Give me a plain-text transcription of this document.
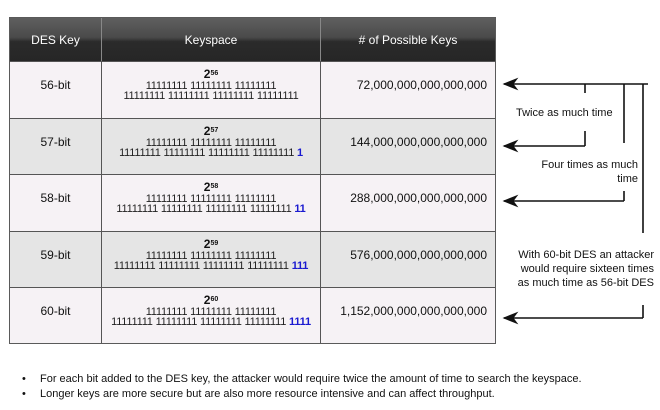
DES Key	Keyspace	# of Possible Keys
56-bit
$2^{56}$
11111111 11111111 11111111
11111111 11111111 11111111 11111111
72,000,000,000,000,000
57-bit
$2^{57}$
11111111 11111111 11111111
11111111 11111111 11111111 11111111 1
144,000,000,000,000,000
58-bit
$2^{58}$
11111111 11111111 11111111
11111111 11111111 11111111 11111111 11
288,000,000,000,000,000
59-bit
$2^{59}$
11111111 11111111 11111111
11111111 11111111 11111111 11111111 111
576,000,000,000,000,000
60-bit
$2^{60}$
11111111 11111111 11111111
11111111 11111111 11111111 11111111 1111
1,152,000,000,000,000,000
Twice as much time
Four times as much
time
With 60-bit DES an attacker
would require sixteen times
as much time as 56-bit DES
• For each bit added to the DES key, the attacker would require twice the amount of time to search the keyspace.
• Longer keys are more secure but are also more resource intensive and can affect throughput.
